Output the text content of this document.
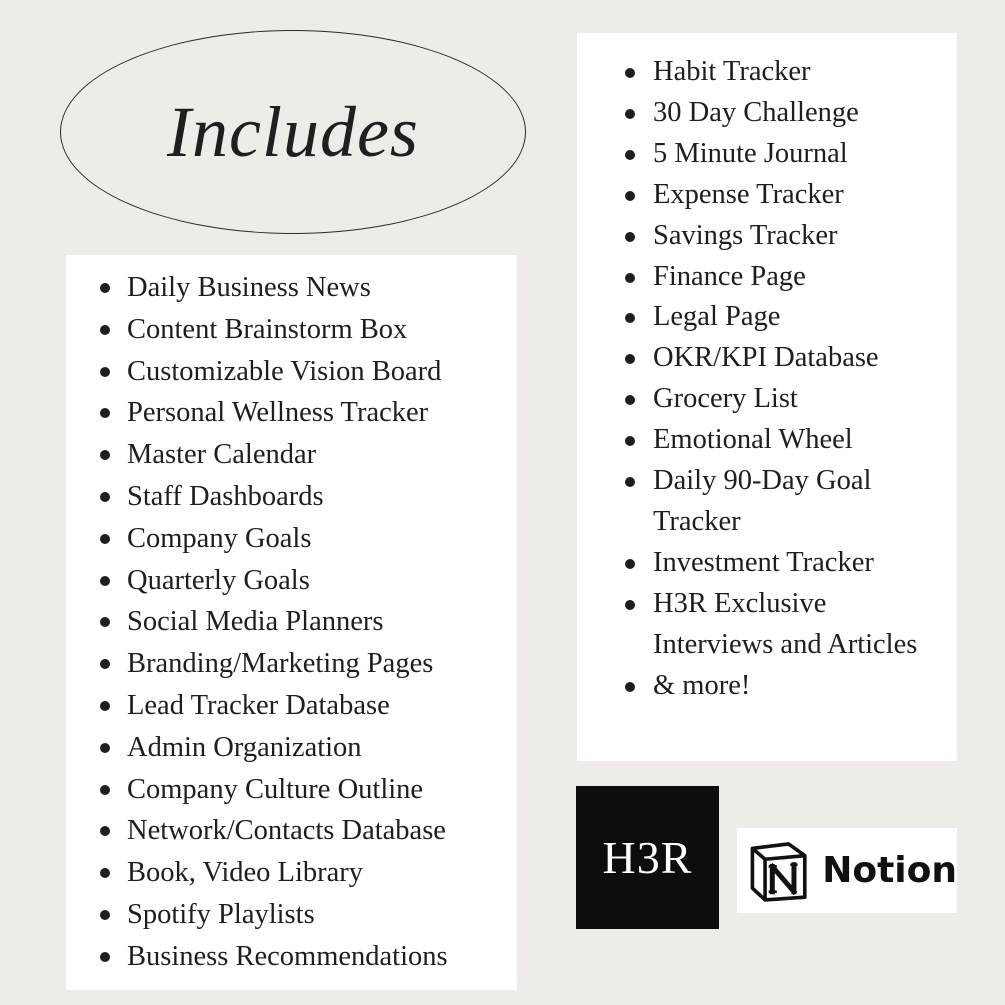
Includes
Daily Business News
Content Brainstorm Box
Customizable Vision Board
Personal Wellness Tracker
Master Calendar
Staff Dashboards
Company Goals
Quarterly Goals
Social Media Planners
Branding/Marketing Pages
Lead Tracker Database
Admin Organization
Company Culture Outline
Network/Contacts Database
Book, Video Library
Spotify Playlists
Business Recommendations
Habit Tracker
30 Day Challenge
5 Minute Journal
Expense Tracker
Savings Tracker
Finance Page
Legal Page
OKR/KPI Database
Grocery List
Emotional Wheel
Daily 90-Day Goal Tracker
Investment Tracker
H3R Exclusive Interviews and Articles
& more!
H3R	Notion
